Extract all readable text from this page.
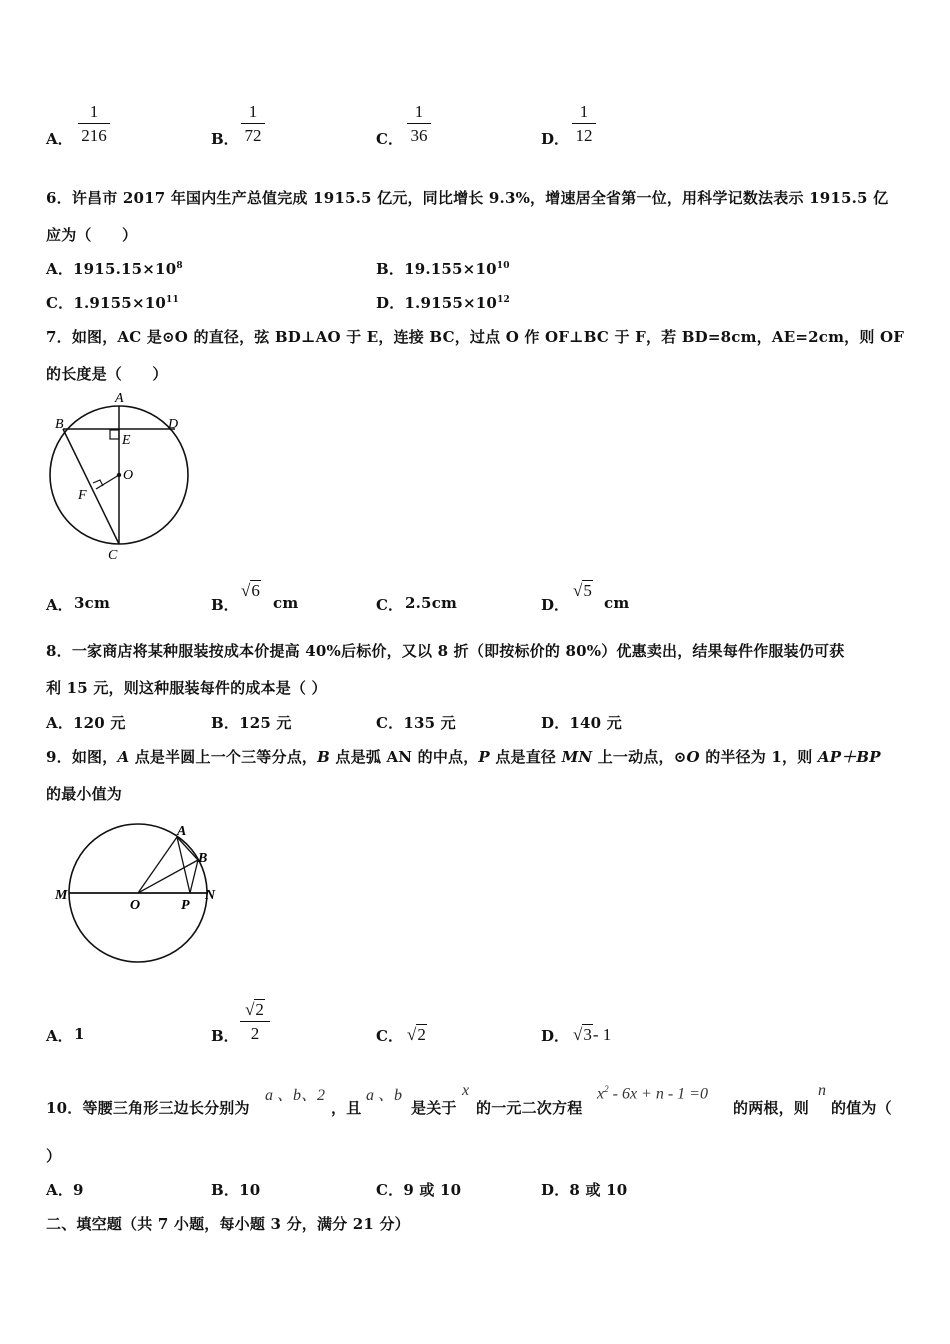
A．
1
216	B．
1
72	C．
1
36	D．
1
12
6．许昌市 2017 年国内生产总值完成 1915.5 亿元，同比增长 9.3%，增速居全省第一位，用科学记数法表示 1915.5 亿
应为（　　）
A．$1915.15\times 10^8$	B．$19.155\times 10^{10}$
C．$1.9155\times 10^{11}$	D．$1.9155\times 10^{12}$
7．如图，AC 是⊙O 的直径，弦 BD⊥AO 于 E，连接 BC，过点 O 作 OF⊥BC 于 F，若 BD=8cm，AE=2cm，则 OF
的长度是（　　）
A
B	D
E
O
F
C
A． 3cm	B．
√6
cm	C． 2.5cm	D．
√5
cm
8．一家商店将某种服装按成本价提高 40%后标价，又以 8 折（即按标价的 80%）优惠卖出，结果每件作服装仍可获
利 15 元，则这种服装每件的成本是（ ）
A．120 元	B．125 元	C．135 元	D．140 元
9．如图，A 点是半圆上一个三等分点，B 点是弧 AN 的中点，P 点是直径 MN 上一动点，⊙O 的半径为 1，则 AP＋BP
的最小值为
A
B
M	N
O	P
A． 1	B．
√2
2	C． √2	D． √3- 1
10．等腰三角形三边长分别为
a 、b、2
，且
a 、b
是关于
x
的一元二次方程
$x^2 - 6x + n - 1 =0$
的两根，则
n
的值为（
）
A．9	B．10	C．9 或 10	D．8 或 10
二、填空题（共 7 小题，每小题 3 分，满分 21 分）
